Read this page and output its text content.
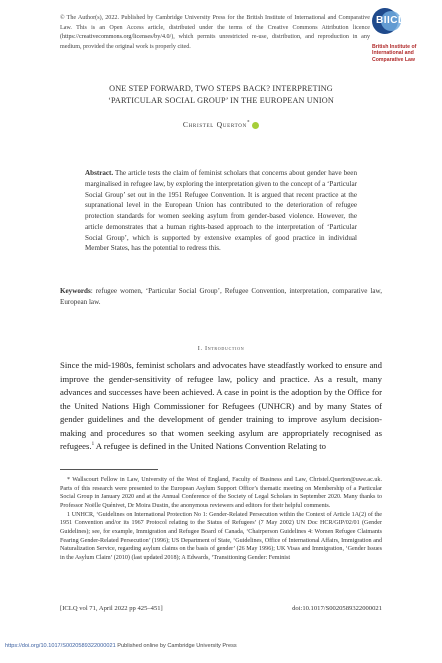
© The Author(s), 2022. Published by Cambridge University Press for the British Institute of International and Comparative Law. This is an Open Access article, distributed under the terms of the Creative Commons Attribution licence (https://creativecommons.org/licenses/by/4.0/), which permits unrestricted re-use, distribution, and reproduction in any medium, provided the original work is properly cited.
BIICL
British Institute of
International and
Comparative Law
ONE STEP FORWARD, TWO STEPS BACK? INTERPRETING
‘PARTICULAR SOCIAL GROUP’ IN THE EUROPEAN UNION
Christel Querton*
Abstract. The article tests the claim of feminist scholars that concerns about gender have been marginalised in refugee law, by exploring the interpretation given to the concept of a ‘Particular Social Group’ set out in the 1951 Refugee Convention. It is argued that recent practice at the supranational level in the European Union has contributed to the deterioration of refugee protection standards for women seeking asylum from gender-based violence. However, the article demonstrates that a human rights-based approach to the interpretation of ‘Particular Social Group’, which is supported by extensive examples of good practice in individual Member States, has the potential to redress this.
Keywords: refugee women, ‘Particular Social Group’, Refugee Convention, interpretation, comparative law, European law.
I. Introduction
Since the mid-1980s, feminist scholars and advocates have steadfastly worked to ensure and improve the gender-sensitivity of refugee law, policy and practice. As a result, many advances and successes have been achieved. A case in point is the adoption by the Office for the United Nations High Commissioner for Refugees (UNHCR) and by many States of gender guidelines and the development of gender training to improve asylum decision-making and procedures so that women seeking asylum are appropriately recognised as refugees.$^1$ A refugee is defined in the United Nations Convention Relating to

* Wallscourt Fellow in Law, University of the West of England, Faculty of Business and Law, Christel.Querton@uwe.ac.uk. Parts of this research were presented to the European Asylum Support Office’s thematic meeting on Membership of a Particular Social Group in January 2020 and at the Annual Conference of the Society of Legal Scholars in September 2020. Many thanks to Professor Noëlle Quénivet, Dr Moira Dustin, the anonymous reviewers and editors for their helpful comments.

1 UNHCR, ‘Guidelines on International Protection No 1: Gender-Related Persecution within the Context of Article 1A(2) of the 1951 Convention and/or its 1967 Protocol relating to the Status of Refugees’ (7 May 2002) UN Doc HCR/GIP/02/01 (Gender Guidelines); see, for example, Immigration and Refugee Board of Canada, ‘Chairperson Guidelines 4: Women Refugee Claimants Fearing Gender-Related Persecution’ (1996); US Department of State, ‘Guidelines, Office of International Affairs, Immigration and Naturalization Service, regarding asylum claims on the basis of gender’ (26 May 1996); UK Visas and Immigration, ‘Gender Issues in the Asylum Claim’ (2010) (last updated 2018); A Edwards, ‘Transitioning Gender: Feminist

[ICLQ vol 71, April 2022 pp 425–451]	doi:10.1017/S0020589322000021
https://doi.org/10.1017/S0020589322000021 Published online by Cambridge University Press
